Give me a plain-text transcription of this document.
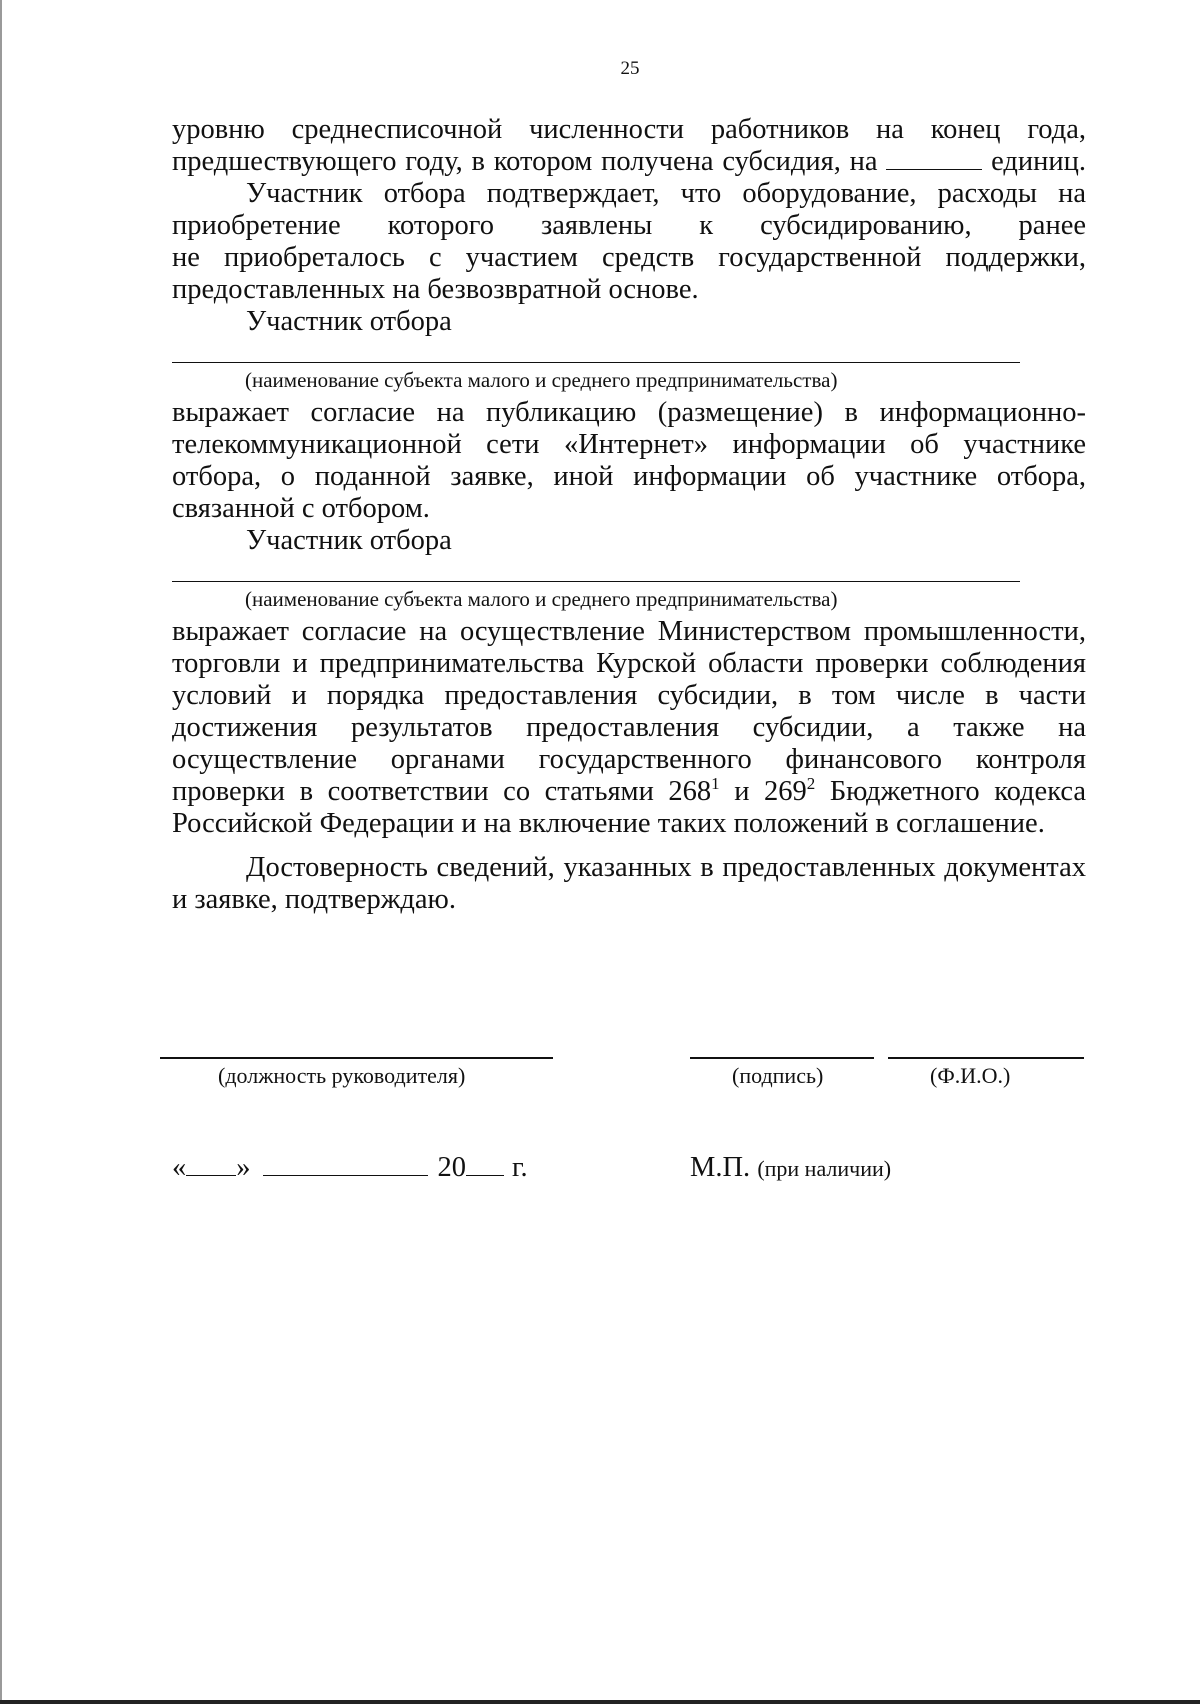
25

уровню среднесписочной численности работников на конец года,

предшествующего году, в котором получена субсидия, на	единиц.

Участник отбора подтверждает, что оборудование, расходы на

приобретение которого заявлены к субсидированию, ранее

не приобреталось с участием средств государственной поддержки,

предоставленных на безвозвратной основе.

Участник отбора

(наименование субъекта малого и среднего предпринимательства)

выражает согласие на публикацию (размещение) в информационно-

телекоммуникационной сети «Интернет» информации об участнике

отбора, о поданной заявке, иной информации об участнике отбора,

связанной с отбором.

Участник отбора

(наименование субъекта малого и среднего предпринимательства)

выражает согласие на осуществление Министерством промышленности,

торговли и предпринимательства Курской области проверки соблюдения

условий и порядка предоставления субсидии, в том числе в части

достижения результатов предоставления субсидии, а также на

осуществление органами государственного финансового контроля

проверки в соответствии со статьями $268^1$ и $269^2$ Бюджетного кодекса

Российской Федерации и на включение таких положений в соглашение.

Достоверность сведений, указанных в предоставленных документах

и заявке, подтверждаю.

(должность руководителя)	(подпись)	(Ф.И.О.)
« »	20 г.	М.П. (при наличии)
